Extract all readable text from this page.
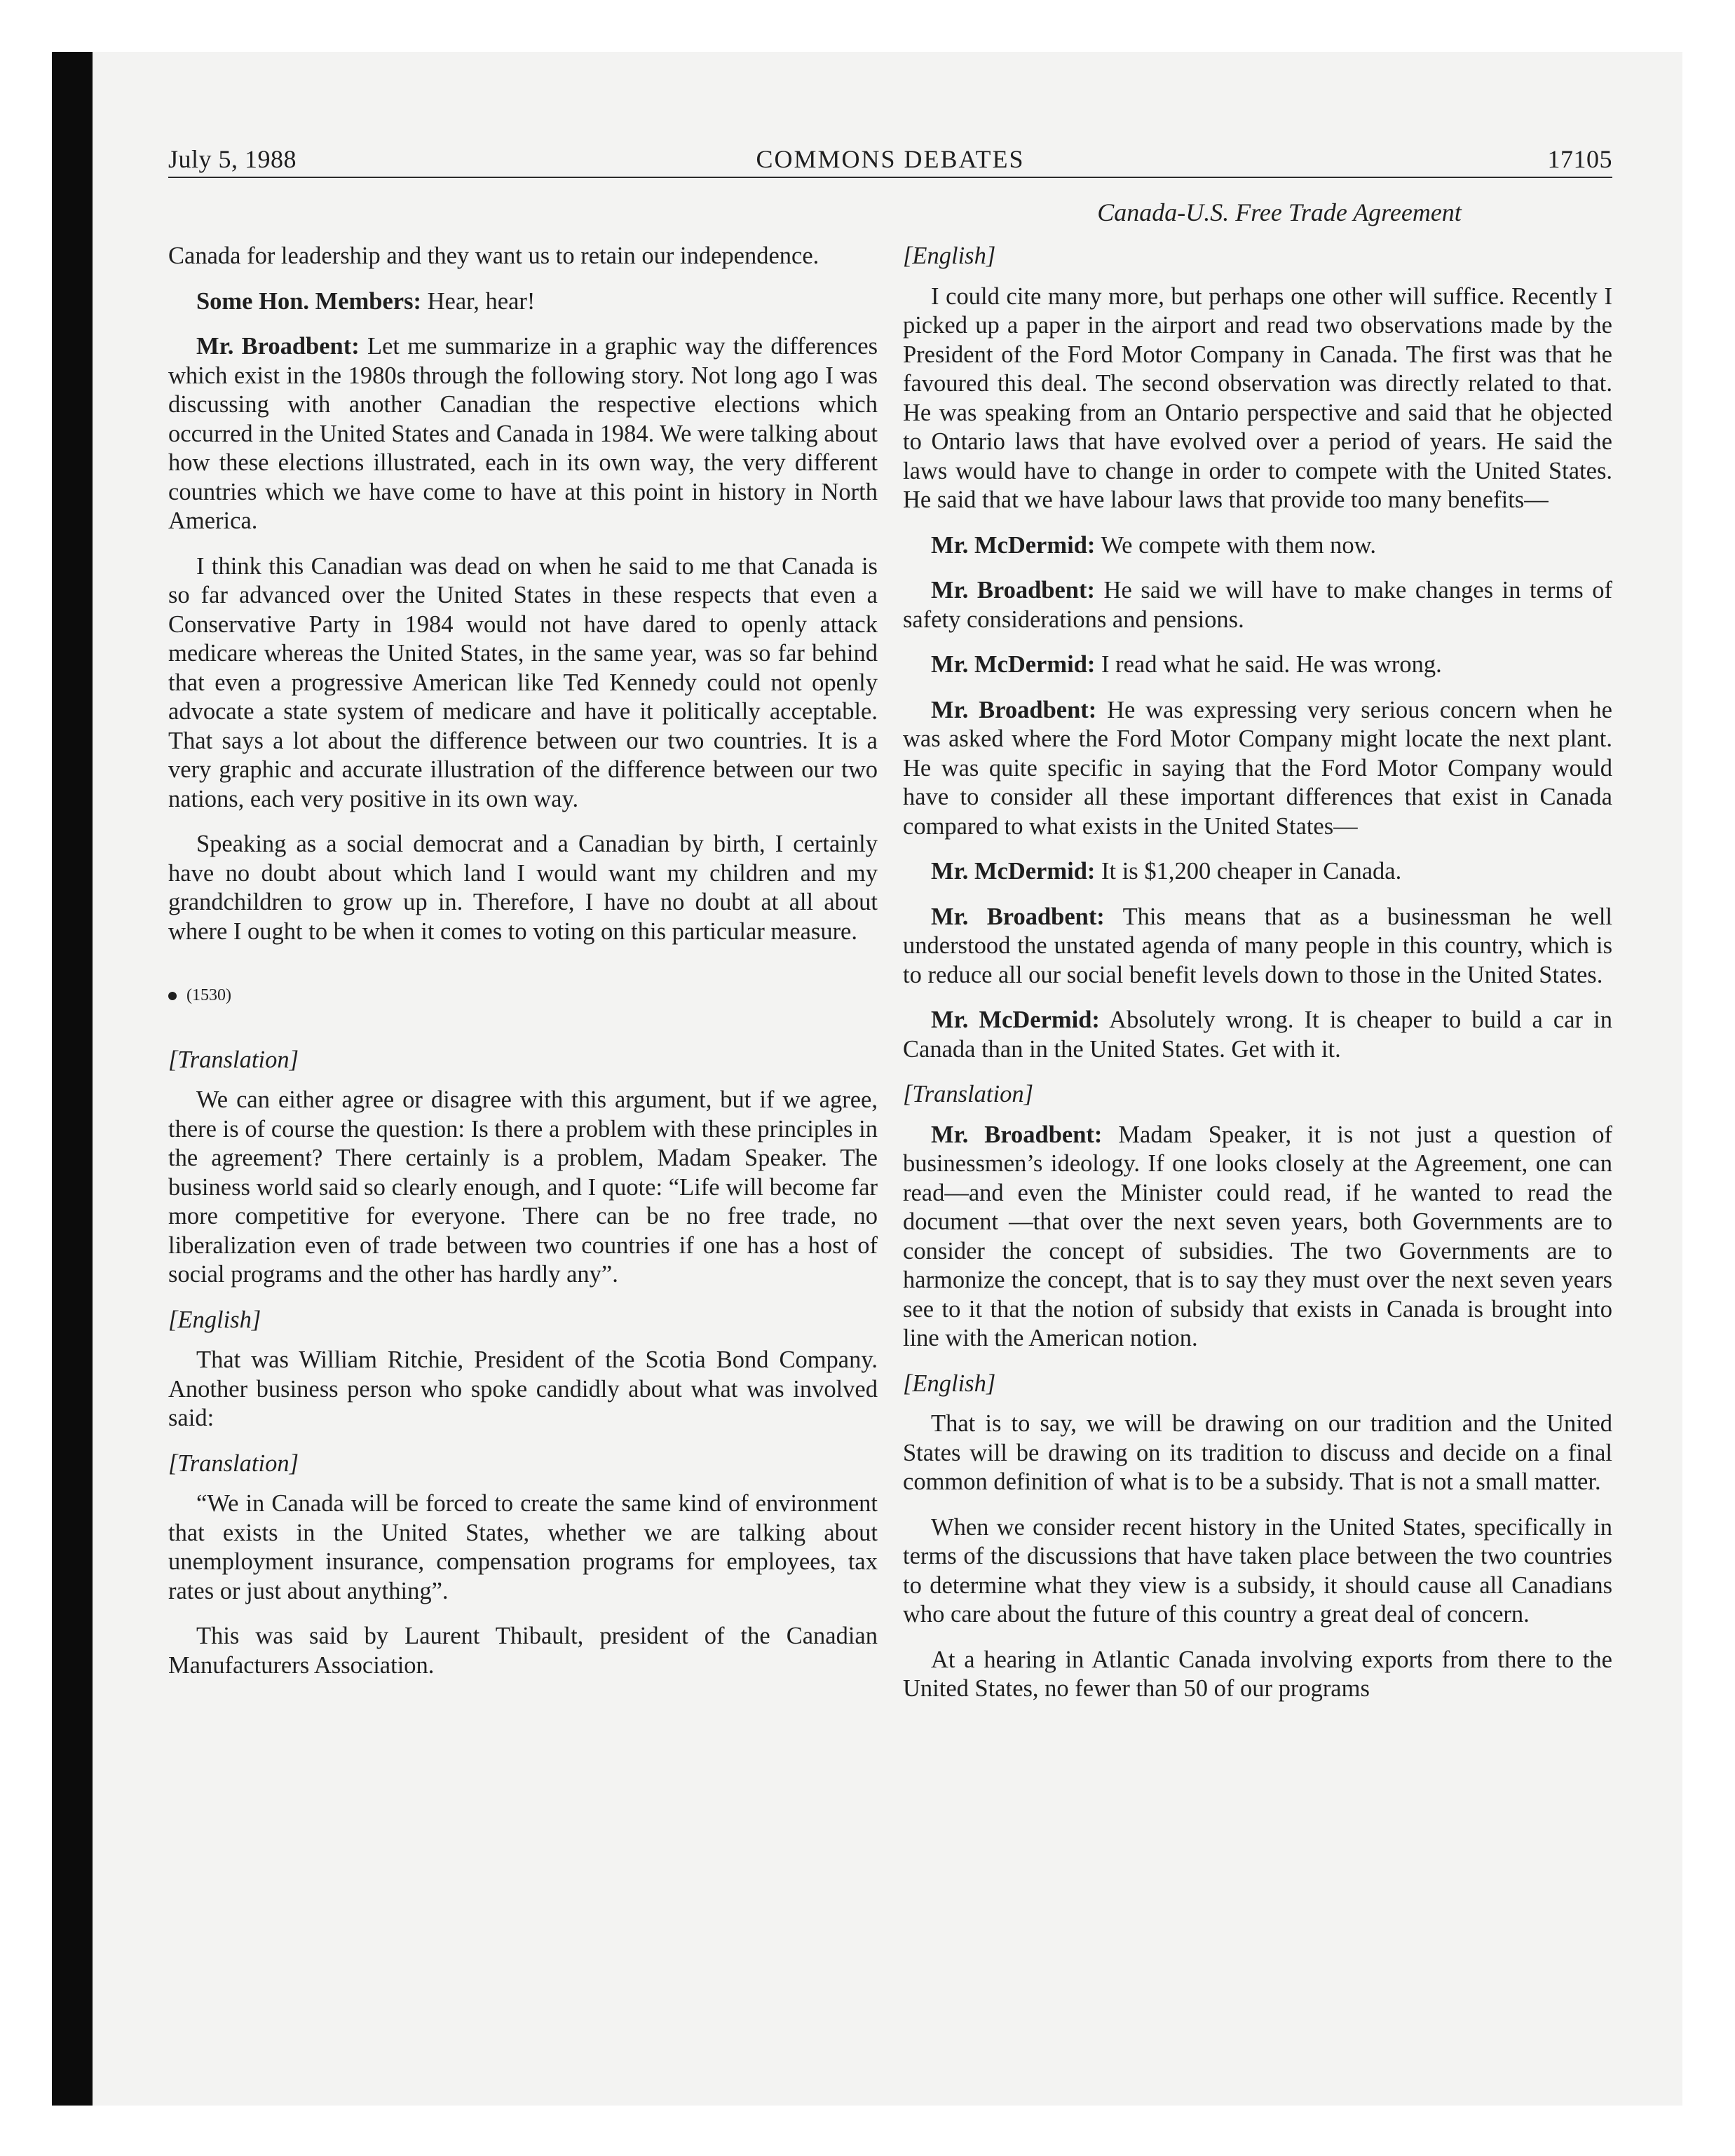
July 5, 1988	COMMONS DEBATES	17105
Canada-U.S. Free Trade Agreement

Canada for leadership and they want us to retain our independence.

Some Hon. Members: Hear, hear!

Mr. Broadbent: Let me summarize in a graphic way the differences which exist in the 1980s through the following story. Not long ago I was discussing with another Canadian the respective elections which occurred in the United States and Canada in 1984. We were talking about how these elections illustrated, each in its own way, the very different countries which we have come to have at this point in history in North America.

I think this Canadian was dead on when he said to me that Canada is so far advanced over the United States in these respects that even a Conservative Party in 1984 would not have dared to openly attack medicare whereas the United States, in the same year, was so far behind that even a progressive American like Ted Kennedy could not openly advocate a state system of medicare and have it politically acceptable. That says a lot about the difference between our two countries. It is a very graphic and accurate illustration of the difference between our two nations, each very positive in its own way.

Speaking as a social democrat and a Canadian by birth, I certainly have no doubt about which land I would want my children and my grandchildren to grow up in. Therefore, I have no doubt at all about where I ought to be when it comes to voting on this particular measure.

(1530)
[Translation]

We can either agree or disagree with this argument, but if we agree, there is of course the question: Is there a problem with these principles in the agreement? There certainly is a problem, Madam Speaker. The business world said so clearly enough, and I quote: “Life will become far more competitive for everyone. There can be no free trade, no liberalization even of trade between two countries if one has a host of social programs and the other has hardly any”.

[English]

That was William Ritchie, President of the Scotia Bond Company. Another business person who spoke candidly about what was involved said:

[Translation]

“We in Canada will be forced to create the same kind of environment that exists in the United States, whether we are talking about unemployment insurance, compensation programs for employees, tax rates or just about anything”.

This was said by Laurent Thibault, president of the Canadian Manufacturers Association.

[English]

I could cite many more, but perhaps one other will suffice. Recently I picked up a paper in the airport and read two observations made by the President of the Ford Motor Company in Canada. The first was that he favoured this deal. The second observation was directly related to that. He was speaking from an Ontario perspective and said that he objected to Ontario laws that have evolved over a period of years. He said the laws would have to change in order to compete with the United States. He said that we have labour laws that provide too many benefits—

Mr. McDermid: We compete with them now.

Mr. Broadbent: He said we will have to make changes in terms of safety considerations and pensions.

Mr. McDermid: I read what he said. He was wrong.

Mr. Broadbent: He was expressing very serious concern when he was asked where the Ford Motor Company might locate the next plant. He was quite specific in saying that the Ford Motor Company would have to consider all these important differences that exist in Canada compared to what exists in the United States—

Mr. McDermid: It is $1,200 cheaper in Canada.

Mr. Broadbent: This means that as a businessman he well understood the unstated agenda of many people in this country, which is to reduce all our social benefit levels down to those in the United States.

Mr. McDermid: Absolutely wrong. It is cheaper to build a car in Canada than in the United States. Get with it.

[Translation]

Mr. Broadbent: Madam Speaker, it is not just a question of businessmen’s ideology. If one looks closely at the Agreement, one can read—and even the Minister could read, if he wanted to read the document —that over the next seven years, both Governments are to consider the concept of subsidies. The two Governments are to harmonize the concept, that is to say they must over the next seven years see to it that the notion of subsidy that exists in Canada is brought into line with the American notion.

[English]

That is to say, we will be drawing on our tradition and the United States will be drawing on its tradition to discuss and decide on a final common definition of what is to be a subsidy. That is not a small matter.

When we consider recent history in the United States, specifically in terms of the discussions that have taken place between the two countries to determine what they view is a subsidy, it should cause all Canadians who care about the future of this country a great deal of concern.

At a hearing in Atlantic Canada involving exports from there to the United States, no fewer than 50 of our programs
